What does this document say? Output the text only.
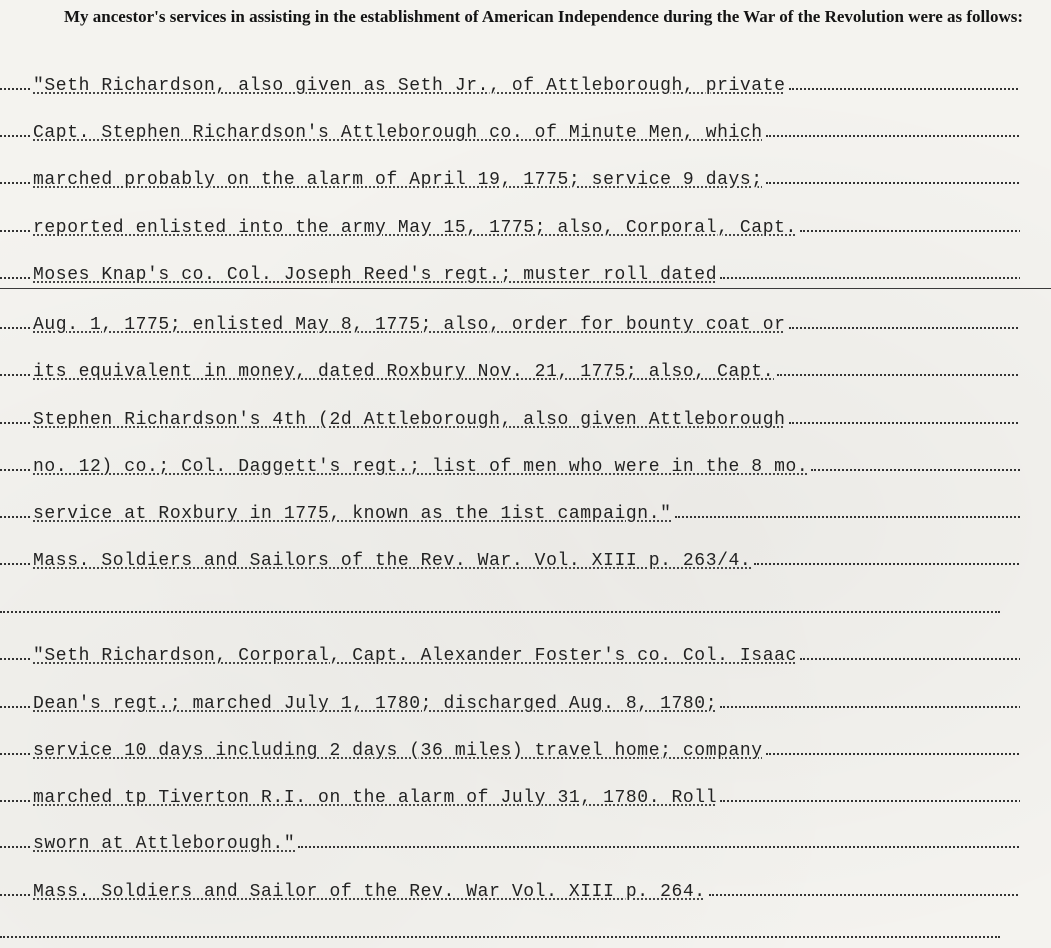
My ancestor's services in assisting in the establishment of American Independence during the War of the Revolution were as follows:

"Seth Richardson, also given as Seth Jr., of Attleborough, private
Capt. Stephen Richardson's Attleborough co. of Minute Men, which
marched probably on the alarm of April 19, 1775; service 9 days;
reported enlisted into the army May 15, 1775; also, Corporal, Capt.
Moses Knap's co. Col. Joseph Reed's regt.; muster roll dated
Aug. 1, 1775; enlisted May 8, 1775; also, order for bounty coat or
its equivalent in money, dated Roxbury Nov. 21, 1775; also, Capt.
Stephen Richardson's 4th (2d Attleborough, also given Attleborough
no. 12) co.; Col. Daggett's regt.; list of men who were in the 8 mo.
service at Roxbury in 1775, known as the 1ist campaign."
Mass. Soldiers and Sailors of the Rev. War. Vol. XIII p. 263/4.
"Seth Richardson, Corporal, Capt. Alexander Foster's co. Col. Isaac
Dean's regt.; marched July 1, 1780; discharged Aug. 8, 1780;
service 10 days including 2 days (36 miles) travel home; company
marched tp Tiverton R.I. on the alarm of July 31, 1780. Roll
sworn at Attleborough."
Mass. Soldiers and Sailor of the Rev. War Vol. XIII p. 264.
